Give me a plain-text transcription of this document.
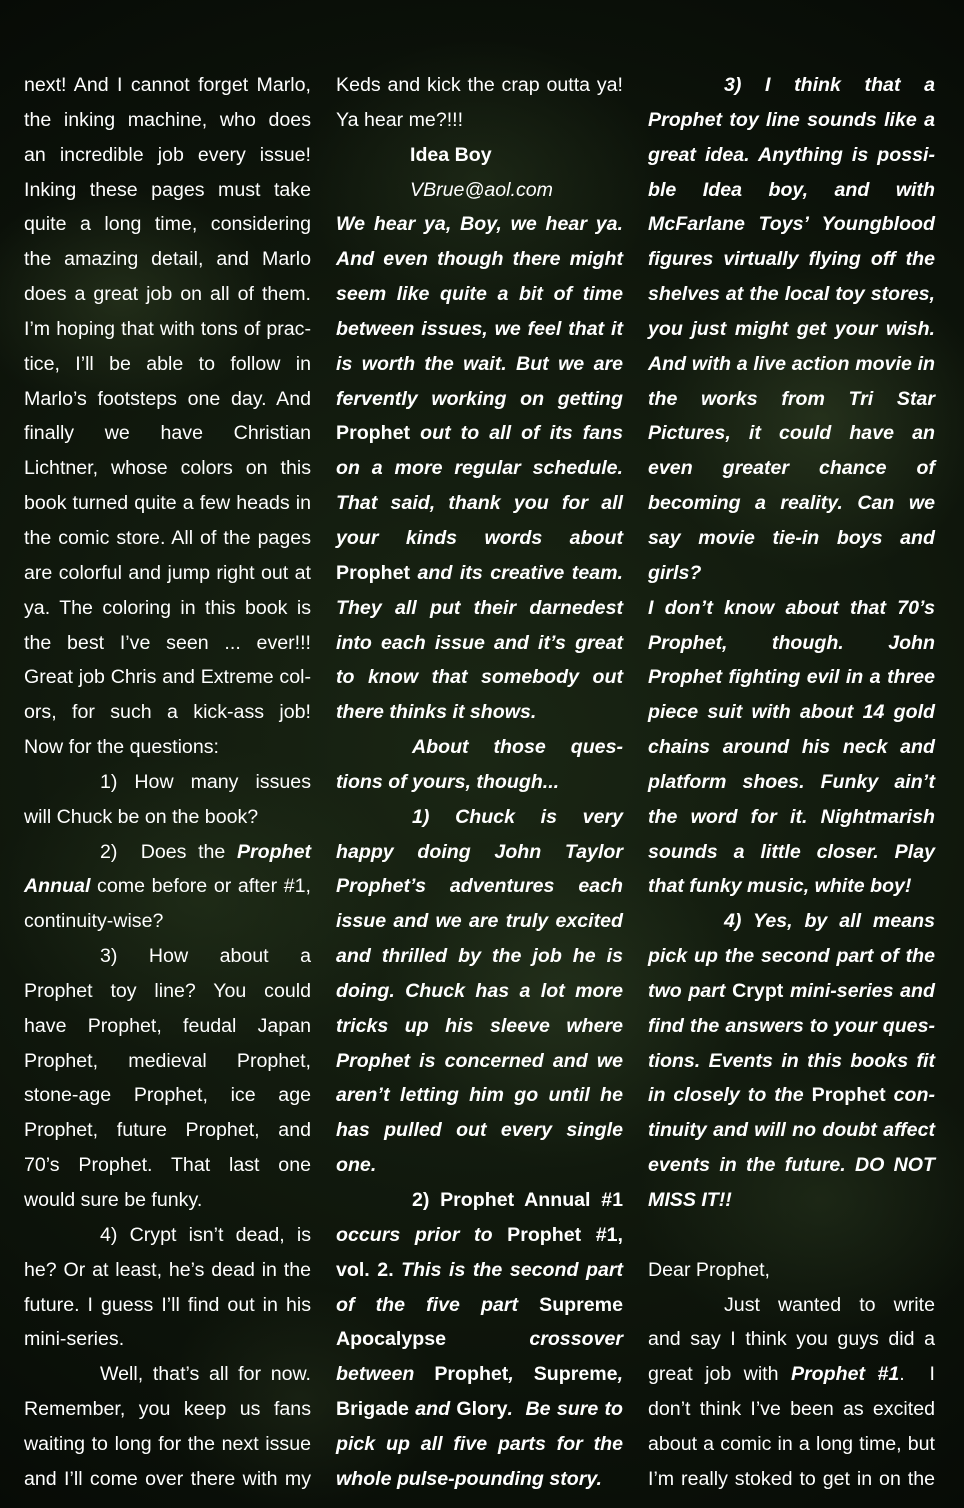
next! And I cannot forget Marlo,
the inking machine, who does
an incredible job every issue!
Inking these pages must take
quite a long time, considering
the amazing detail, and Marlo
does a great job on all of them.
I’m hoping that with tons of prac-
tice, I’ll be able to follow in
Marlo’s footsteps one day. And
finally we have Christian
Lichtner, whose colors on this
book turned quite a few heads in
the comic store. All of the pages
are colorful and jump right out at
ya. The coloring in this book is
the best I’ve seen ... ever!!!
Great job Chris and Extreme col-
ors, for such a kick-ass job!
Now for the questions:
1) How many issues
will Chuck be on the book?
2)  Does the Prophet
Annual come before or after #1,
continuity-wise?
3) How about a
Prophet toy line? You could
have Prophet, feudal Japan
Prophet, medieval Prophet,
stone-age Prophet, ice age
Prophet, future Prophet, and
70’s Prophet. That last one
would sure be funky.
4) Crypt isn’t dead, is
he? Or at least, he’s dead in the
future. I guess I’ll find out in his
mini-series.
Well, that’s all for now.
Remember, you keep us fans
waiting to long for the next issue
and I’ll come over there with my
Keds and kick the crap outta ya!
Ya hear me?!!!
Idea Boy
VBrue@aol.com
We hear ya, Boy, we hear ya.
And even though there might
seem like quite a bit of time
between issues, we feel that it
is worth the wait. But we are
fervently working on getting
Prophet out to all of its fans
on a more regular schedule.
That said, thank you for all
your kinds words about
Prophet and its creative team.
They all put their darnedest
into each issue and it’s great
to know that somebody out
there thinks it shows.
About those ques-
tions of yours, though...
1) Chuck is very
happy doing John Taylor
Prophet’s adventures each
issue and we are truly excited
and thrilled by the job he is
doing. Chuck has a lot more
tricks up his sleeve where
Prophet is concerned and we
aren’t letting him go until he
has pulled out every single
one.
2) Prophet Annual #1
occurs prior to Prophet #1,
vol. 2. This is the second part
of the five part Supreme
Apocalypse crossover
between Prophet, Supreme,
Brigade and Glory.  Be sure to
pick up all five parts for the
whole pulse-pounding story.
3) I think that a
Prophet toy line sounds like a
great idea. Anything is possi-
ble Idea boy, and with
McFarlane Toys’ Youngblood
figures virtually flying off the
shelves at the local toy stores,
you just might get your wish.
And with a live action movie in
the works from Tri Star
Pictures, it could have an
even greater chance of
becoming a reality. Can we
say movie tie-in boys and
girls?
I don’t know about that 70’s
Prophet, though. John
Prophet fighting evil in a three
piece suit with about 14 gold
chains around his neck and
platform shoes. Funky ain’t
the word for it. Nightmarish
sounds a little closer. Play
that funky music, white boy!
4) Yes, by all means
pick up the second part of the
two part Crypt mini-series and
find the answers to your ques-
tions. Events in this books fit
in closely to the Prophet con-
tinuity and will no doubt affect
events in the future. DO NOT
MISS IT!!
Dear Prophet,
Just wanted to write
and say I think you guys did a
great job with Prophet #1.  I
don’t think I’ve been as excited
about a comic in a long time, but
I’m really stoked to get in on the
